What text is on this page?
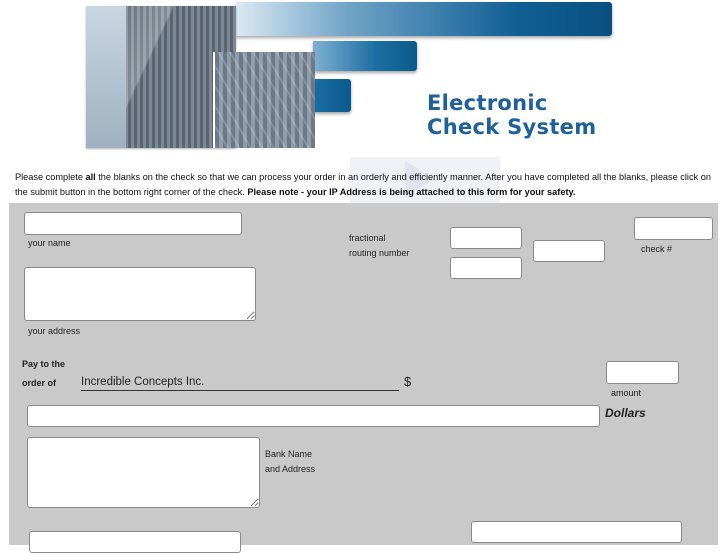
Electronic
Check System
Please complete all the blanks on the check so that we can process your order in an orderly and efficiently manner. After you have completed all the blanks, please click on the submit button in the bottom right corner of the check. Please note - your IP Address is being attached to this form for your safety.
your name
your address
fractional
routing number	check #
Pay to the
order of Incredible Concepts Inc.	$
amount
Dollars
Bank Name
and Address
